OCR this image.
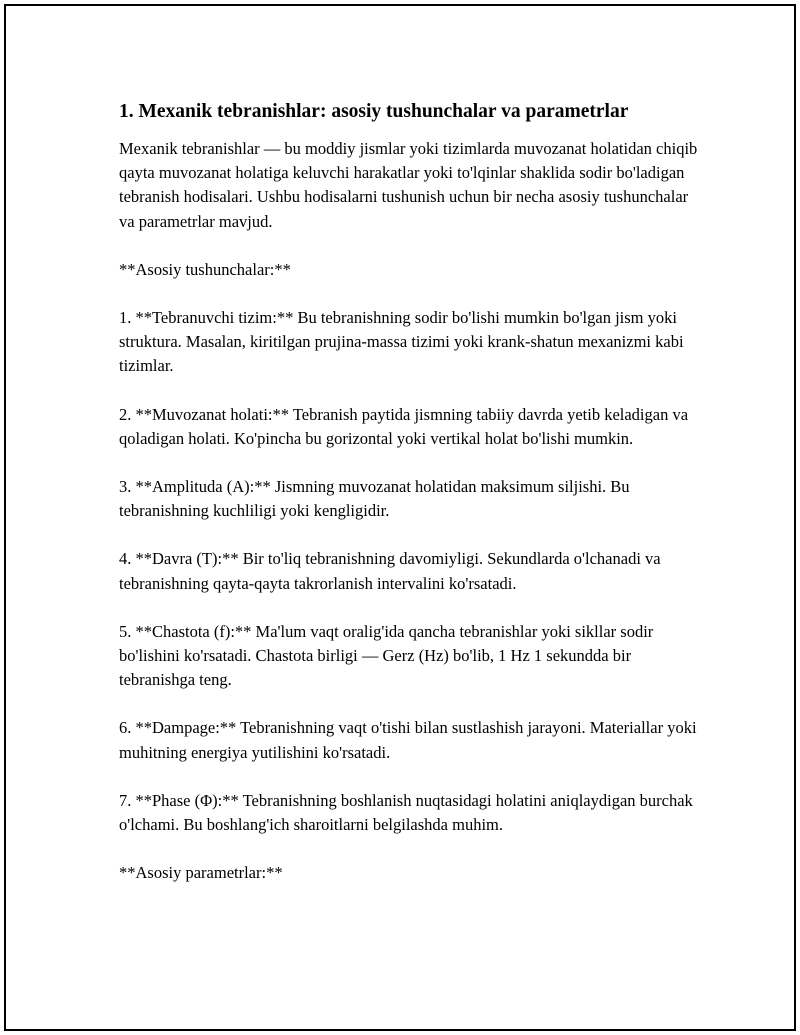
1. Mexanik tebranishlar: asosiy tushunchalar va parametrlar

Mexanik tebranishlar — bu moddiy jismlar yoki tizimlarda muvozanat holatidan chiqib qayta muvozanat holatiga keluvchi harakatlar yoki to'lqinlar shaklida sodir bo'ladigan tebranish hodisalari. Ushbu hodisalarni tushunish uchun bir necha asosiy tushunchalar va parametrlar mavjud.

**Asosiy tushunchalar:**

1. **Tebranuvchi tizim:** Bu tebranishning sodir bo'lishi mumkin bo'lgan jism yoki struktura. Masalan, kiritilgan prujina-massa tizimi yoki krank-shatun mexanizmi kabi tizimlar.

2. **Muvozanat holati:** Tebranish paytida jismning tabiiy davrda yetib keladigan va qoladigan holati. Ko'pincha bu gorizontal yoki vertikal holat bo'lishi mumkin.

3. **Amplituda (A):** Jismning muvozanat holatidan maksimum siljishi. Bu tebranishning kuchliligi yoki kengligidir.

4. **Davra (T):** Bir to'liq tebranishning davomiyligi. Sekundlarda o'lchanadi va tebranishning qayta-qayta takrorlanish intervalini ko'rsatadi.

5. **Chastota (f):** Ma'lum vaqt oralig'ida qancha tebranishlar yoki sikllar sodir bo'lishini ko'rsatadi. Chastota birligi — Gerz (Hz) bo'lib, 1 Hz 1 sekundda bir tebranishga teng.

6. **Dampage:** Tebranishning vaqt o'tishi bilan sustlashish jarayoni. Materiallar yoki muhitning energiya yutilishini ko'rsatadi.

7. **Phase (Φ):** Tebranishning boshlanish nuqtasidagi holatini aniqlaydigan burchak o'lchami. Bu boshlang'ich sharoitlarni belgilashda muhim.

**Asosiy parametrlar:**
